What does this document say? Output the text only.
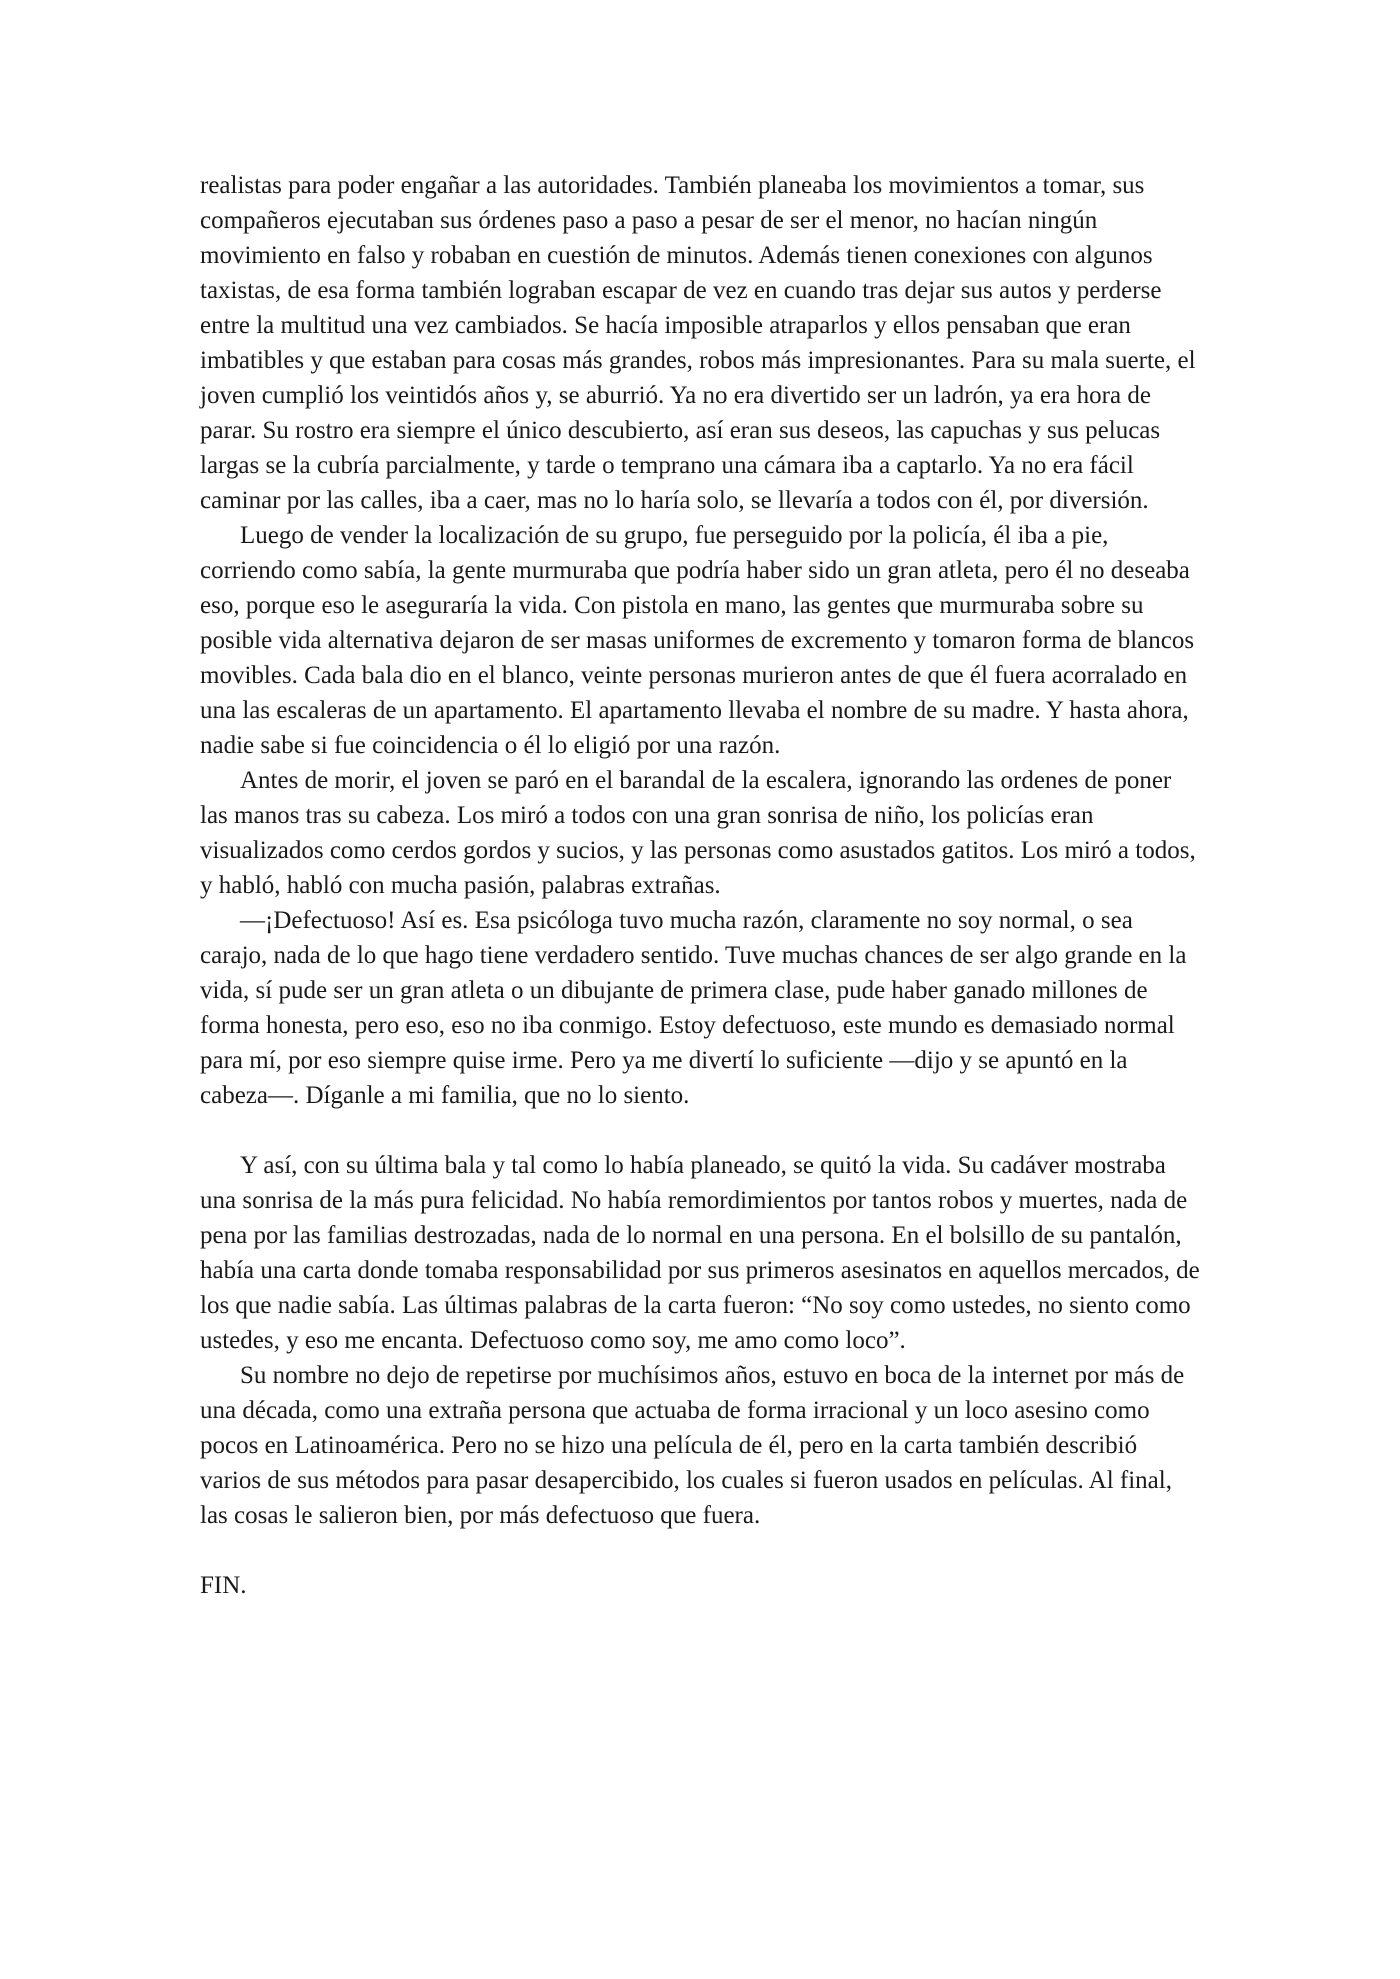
realistas para poder engañar a las autoridades. También planeaba los movimientos a tomar, sus compañeros ejecutaban sus órdenes paso a paso a pesar de ser el menor, no hacían ningún movimiento en falso y robaban en cuestión de minutos. Además tienen conexiones con algunos taxistas, de esa forma también lograban escapar de vez en cuando tras dejar sus autos y perderse entre la multitud una vez cambiados. Se hacía imposible atraparlos y ellos pensaban que eran imbatibles y que estaban para cosas más grandes, robos más impresionantes. Para su mala suerte, el joven cumplió los veintidós años y, se aburrió. Ya no era divertido ser un ladrón, ya era hora de parar. Su rostro era siempre el único descubierto, así eran sus deseos, las capuchas y sus pelucas largas se la cubría parcialmente, y tarde o temprano una cámara iba a captarlo. Ya no era fácil caminar por las calles, iba a caer, mas no lo haría solo, se llevaría a todos con él, por diversión.

Luego de vender la localización de su grupo, fue perseguido por la policía, él iba a pie, corriendo como sabía, la gente murmuraba que podría haber sido un gran atleta, pero él no deseaba eso, porque eso le aseguraría la vida. Con pistola en mano, las gentes que murmuraba sobre su posible vida alternativa dejaron de ser masas uniformes de excremento y tomaron forma de blancos movibles. Cada bala dio en el blanco, veinte personas murieron antes de que él fuera acorralado en una las escaleras de un apartamento. El apartamento llevaba el nombre de su madre. Y hasta ahora, nadie sabe si fue coincidencia o él lo eligió por una razón.

Antes de morir, el joven se paró en el barandal de la escalera, ignorando las ordenes de poner las manos tras su cabeza. Los miró a todos con una gran sonrisa de niño, los policías eran visualizados como cerdos gordos y sucios, y las personas como asustados gatitos. Los miró a todos, y habló, habló con mucha pasión, palabras extrañas.

—¡Defectuoso! Así es. Esa psicóloga tuvo mucha razón, claramente no soy normal, o sea carajo, nada de lo que hago tiene verdadero sentido. Tuve muchas chances de ser algo grande en la vida, sí pude ser un gran atleta o un dibujante de primera clase, pude haber ganado millones de forma honesta, pero eso, eso no iba conmigo. Estoy defectuoso, este mundo es demasiado normal para mí, por eso siempre quise irme. Pero ya me divertí lo suficiente —dijo y se apuntó en la cabeza—. Díganle a mi familia, que no lo siento.

Y así, con su última bala y tal como lo había planeado, se quitó la vida. Su cadáver mostraba una sonrisa de la más pura felicidad. No había remordimientos por tantos robos y muertes, nada de pena por las familias destrozadas, nada de lo normal en una persona. En el bolsillo de su pantalón, había una carta donde tomaba responsabilidad por sus primeros asesinatos en aquellos mercados, de los que nadie sabía. Las últimas palabras de la carta fueron: “No soy como ustedes, no siento como ustedes, y eso me encanta. Defectuoso como soy, me amo como loco”.

Su nombre no dejo de repetirse por muchísimos años, estuvo en boca de la internet por más de una década, como una extraña persona que actuaba de forma irracional y un loco asesino como pocos en Latinoamérica. Pero no se hizo una película de él, pero en la carta también describió varios de sus métodos para pasar desapercibido, los cuales si fueron usados en películas. Al final, las cosas le salieron bien, por más defectuoso que fuera.

FIN.
